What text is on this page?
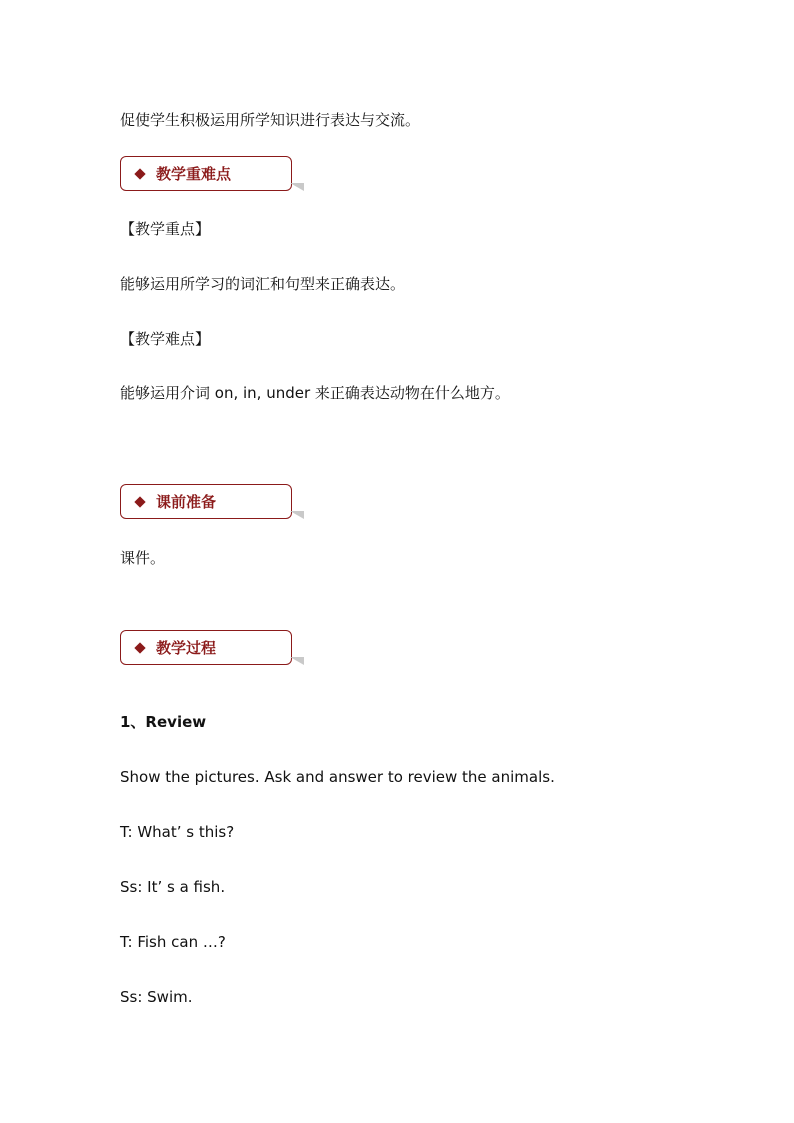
促使学生积极运用所学知识进行表达与交流。
教学重难点
【教学重点】
能够运用所学习的词汇和句型来正确表达。
【教学难点】
能够运用介词 on, in, under 来正确表达动物在什么地方。
课前准备
课件。
教学过程
1、Review
Show the pictures. Ask and answer to review the animals.
T: What’ s this?
Ss: It’ s a fish.
T: Fish can …?
Ss: Swim.
